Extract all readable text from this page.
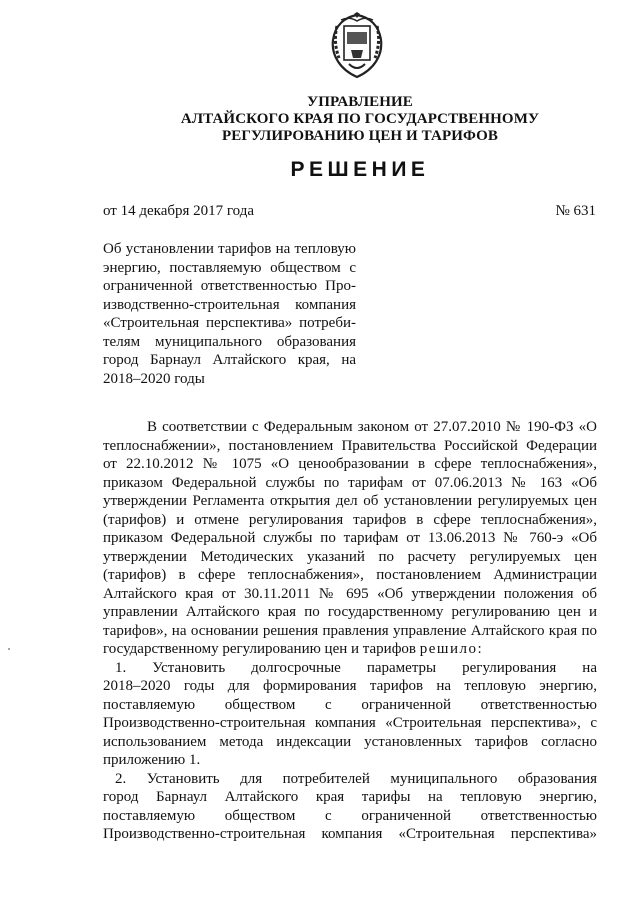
УПРАВЛЕНИЕ
АЛТАЙСКОГО КРАЯ ПО ГОСУДАРСТВЕННОМУ
РЕГУЛИРОВАНИЮ ЦЕН И ТАРИФОВ
РЕШЕНИЕ
от 14 декабря 2017 года	№ 631
Об установлении тарифов на тепловую
энергию, поставляемую обществом с
ограниченной ответственностью Про-
изводственно-строительная компания
«Строительная перспектива» потреби-
телям муниципального образования
город Барнаул Алтайского края, на
2018–2020 годы
В соответствии с Федеральным законом от 27.07.2010 № 190-ФЗ «О
теплоснабжении», постановлением Правительства Российской Федерации
от 22.10.2012 № 1075 «О ценообразовании в сфере теплоснабжения»,
приказом Федеральной службы по тарифам от 07.06.2013 № 163 «Об
утверждении Регламента открытия дел об установлении регулируемых цен
(тарифов) и отмене регулирования тарифов в сфере теплоснабжения»,
приказом Федеральной службы по тарифам от 13.06.2013 № 760-э «Об
утверждении Методических указаний по расчету регулируемых цен
(тарифов) в сфере теплоснабжения», постановлением Администрации
Алтайского края от 30.11.2011 № 695 «Об утверждении положения об
управлении Алтайского края по государственному регулированию цен и
тарифов», на основании решения правления управление Алтайского края по
государственному регулированию цен и тарифов решило:
1. Установить долгосрочные параметры регулирования на
2018–2020 годы для формирования тарифов на тепловую энергию,
поставляемую обществом с ограниченной ответственностью
Производственно-строительная компания «Строительная перспектива», с
использованием метода индексации установленных тарифов согласно
приложению 1.
2. Установить для потребителей муниципального образования
город Барнаул Алтайского края тарифы на тепловую энергию,
поставляемую обществом с ограниченной ответственностью
Производственно-строительная компания «Строительная перспектива»
